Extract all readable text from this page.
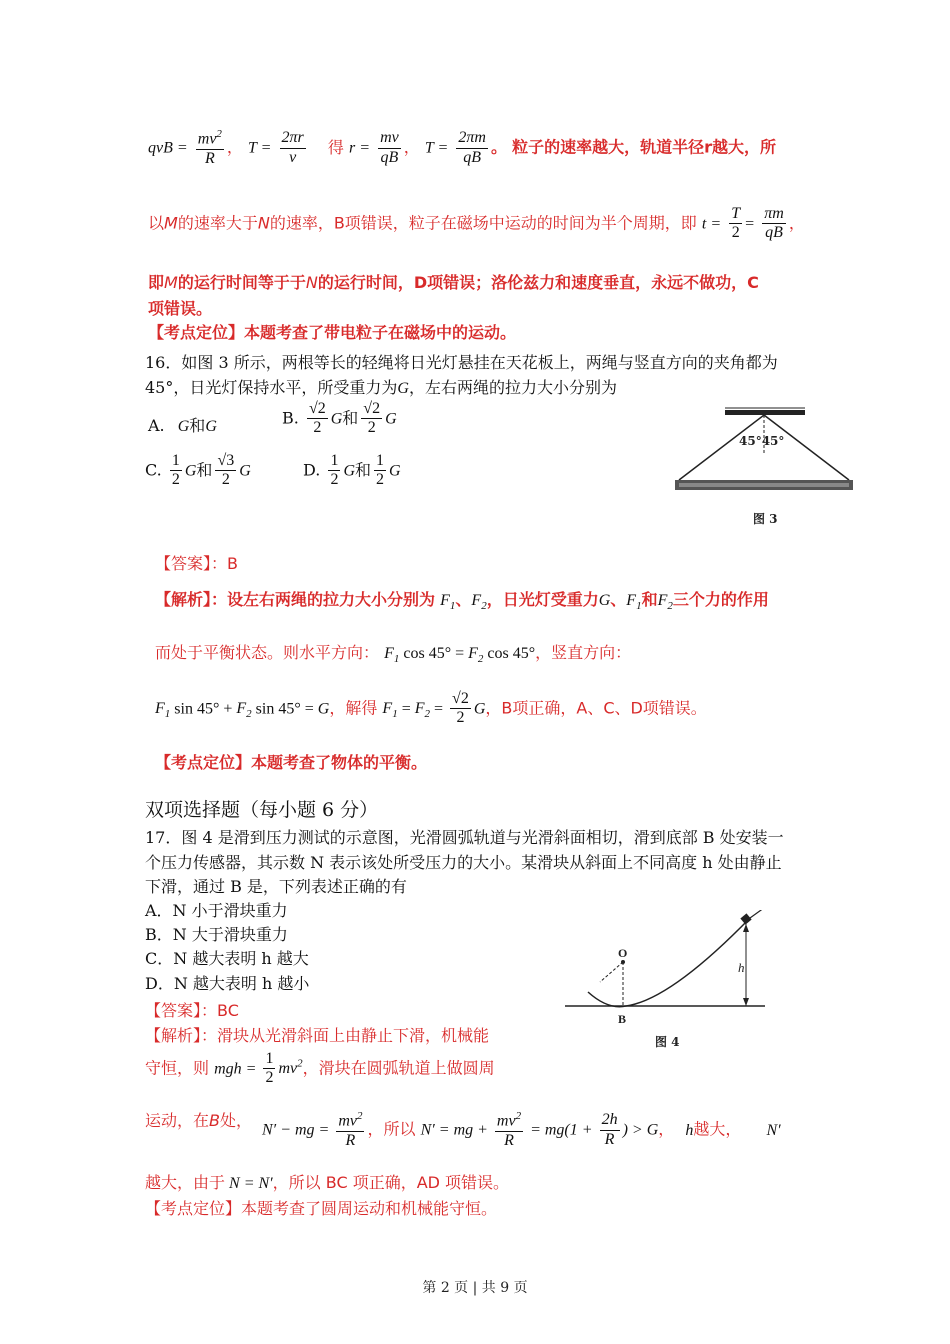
qvB = $\frac{mv^2}{R}$ ， $T = \frac{2\pi r}{v}$ 得 $r = \frac{mv}{qB}$ ， $T = \frac{2\pi m}{qB}$ 。 粒子的速率越大，轨道半径r越大，所
以M的速率大于N的速率，B项错误，粒子在磁场中运动的时间为半个周期，即 $t = \frac{T}{2} = \frac{\pi m}{qB}$ ，
即M的运行时间等于于N的运行时间，D项错误；洛伦兹力和速度垂直，永远不做功，C
项错误。
【考点定位】本题考查了带电粒子在磁场中的运动。
16．如图 3 所示，两根等长的轻绳将日光灯悬挂在天花板上，两绳与竖直方向的夹角都为
45°，日光灯保持水平，所受重力为G，左右两绳的拉力大小分别为
A. G和G	B. $\frac{√2}{2}$ G和 $\frac{√2}{2}$ G
C. $\frac{1}{2}$ G和 $\frac{√3}{2}$ G	D. $\frac{1}{2}$ G和 $\frac{1}{2}$ G
45°45°
图 3
【答案】：B
【解析】：设左右两绳的拉力大小分别为 $F_1$、$F_2$，日光灯受重力G、$F_1$和$F_2$三个力的作用
而处于平衡状态。则水平方向： $F_1$ $\cos 45^\circ = F_2$ cos 45°，竖直方向：
$F_1$ $\sin 45^\circ + F_2$ sin 45° = G，解得 $F_1 = F_2 = \frac{√2}{2}$ G，B项正确，A、C、D项错误。
【考点定位】本题考查了物体的平衡。
双项选择题（每小题 6 分）
17．图 4 是滑到压力测试的示意图，光滑圆弧轨道与光滑斜面相切，滑到底部 B 处安装一
个压力传感器，其示数 N 表示该处所受压力的大小。某滑块从斜面上不同高度 h 处由静止
下滑，通过 B 是，下列表述正确的有
A．N 小于滑块重力
B．N 大于滑块重力
C．N 越大表明 h 越大
D．N 越大表明 h 越小
【答案】：BC
【解析】：滑块从光滑斜面上由静止下滑，机械能
守恒，则 mgh = $\frac{1}{2} mv^2$，滑块在圆弧轨道上做圆周
运动，在B处，
N′ − mg = $\frac{mv^2}{R}$ ，所以 N′ = mg + $\frac{mv^2}{R} = mg(1 + \frac{2h}{R}$ ) > G， h越大， N′
越大，由于 N = N′，所以 BC 项正确，AD 项错误。
【考点定位】本题考查了圆周运动和机械能守恒。
h
O
B
图 4
第 2 页 | 共 9 页
